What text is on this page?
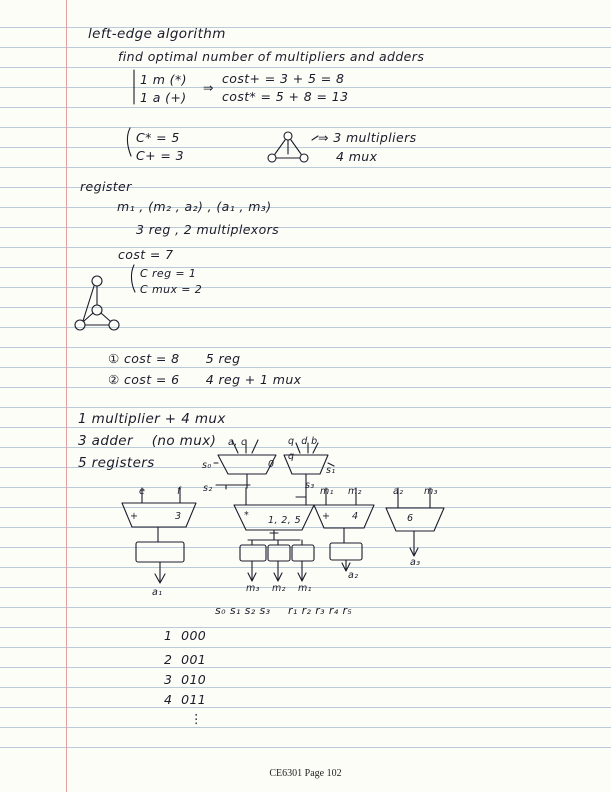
left-edge algorithm
find optimal number of multipliers and adders
1 m (*)
1 a (+)
⇒
cost+ = 3 + 5 = 8
cost* = 5 + 8 = 13
C* = 5
C+ = 3
⇒ 3 multipliers
4 mux
register
m₁ , (m₂ , a₂) , (a₁ , m₃)
3 reg , 2 multiplexors
cost = 7
C reg = 1
C mux = 2
① cost = 8      5 reg
② cost = 6      4 reg + 1 mux
1 multiplier + 4 mux
3 adder    (no mux)
5 registers
a, c	q  d b
s₀	0
q
s₁
s₂	s₃
e	f
+	3	* 1, 2, 5
m₁ m₂
+ 4
a₂ m₃
6
a₁	m₃ m₂ m₁
a₂
a₃
s₀ s₁ s₂ s₃ r₁ r₂ r₃ r₄ r₅
1  000
2  001
3  010
4  011
⋮
CE6301 Page 102
